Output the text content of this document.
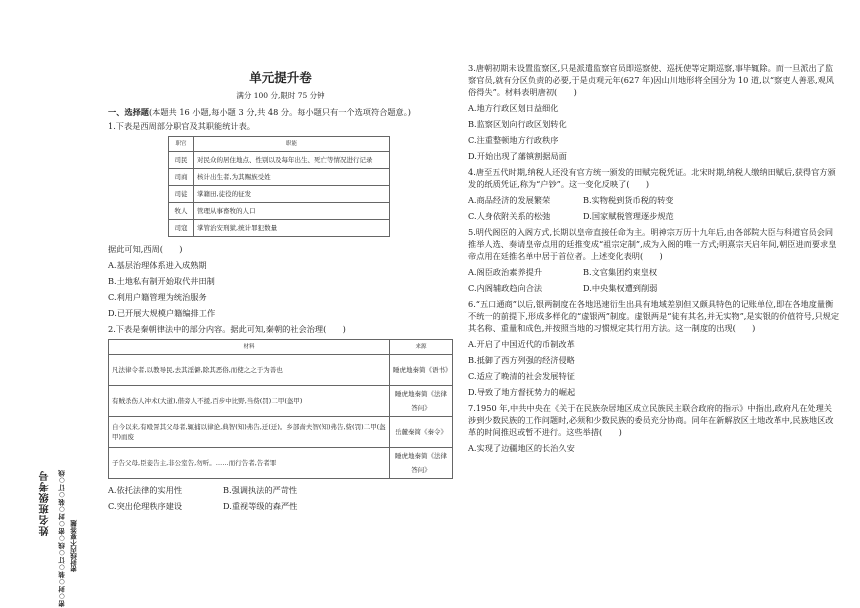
姓名班级考号	密○封○装○订○线○密○封○装○订○线 密封线内不要答题
单元提升卷
满分 100 分,限时 75 分钟
一、选择题(本题共 16 小题,每小题 3 分,共 48 分。每小题只有一个选项符合题意。)

1.下表是西周部分职官及其职能统计表。

职官	职能
司民	对民众的居住地点、性别以及每年出生、死亡等情况进行记录
司商	核计出生者,为其赐族受姓
司徒	掌籍田,徒役的征发
牧人	管理从事畜牧的人口
司寇	掌管治安刑狱,统计罪犯数量

据此可知,西周(　　)

A.基层治理体系进入成熟期
B.土地私有制开始取代井田制
C.利用户籍管理为统治服务
D.已开展大规模户籍编排工作

2.下表是秦朝律法中的部分内容。据此可知,秦朝的社会治理(　　)

材料	来源
凡法律令者,以教导民,去其淫僻,除其恶俗,而使之之于为善也	睡虎地秦简《语书》
有贼杀伤人冲术(大道),偕旁人不援,百步中比野,当赀(罚)二甲(盔甲)	睡虎地秦简《法律答问》
自今以来,有殴詈其父母者,辄捕以律论,典智(知)弗告,迁(迁)。乡部啬夫智(知)弗告,赀(罚)二甲(盔甲)而废	岳麓秦简《秦令》
子告父母,臣妾告主,非公室告,勿听。……而行告者,告者罪	睡虎地秦简《法律答问》
A.依托法律的实用性	B.强调执法的严苛性
C.突出伦理秩序建设	D.重视等级的森严性

3.唐朝初期未设置监察区,只是派遣监察官员即巡察使、巡抚使等定期巡察,事毕辄除。而一旦派出了监察官员,就有分区负责的必要,于是贞观元年(627 年)因山川地形将全国分为 10 道,以“察吏人善恶,观风俗得失”。材料表明唐初(　　)

A.地方行政区划日益细化
B.监察区划向行政区划转化
C.注重整顿地方行政秩序
D.开始出现了藩镇割据局面

4.唐至五代时期,纳税人还没有官方统一颁发的田赋完税凭证。北宋时期,纳税人缴纳田赋后,获得官方颁发的纸质凭证,称为“户钞”。这一变化反映了(　　)

A.商品经济的发展繁荣	B.实物税到货币税的转变
C.人身依附关系的松弛	D.国家赋税管理逐步规范

5.明代阁臣的入阁方式,长期以皇帝直接任命为主。明神宗万历十九年后,由各部院大臣与科道官员会同推举人选、奏请皇帝点用的廷推变成“祖宗定制”,成为入阁的唯一方式;明熹宗天启年间,朝臣进而要求皇帝点用在廷推名单中居于首位者。上述变化表明(　　)

A.阁臣政治素养提升	B.文官集团约束皇权
C.内阁辅政趋向合法	D.中央集权遭到削弱

6.“五口通商”以后,银两制度在各地迅速衍生出具有地域差别但又颇具特色的记账单位,即在各地度量衡不统一的前提下,形成多样化的“虚银两”制度。虚银两是“徒有其名,并无实物”,是实银的价值符号,只规定其名称、重量和成色,并按照当地的习惯规定其行用方法。这一制度的出现(　　)

A.开启了中国近代的币制改革
B.抵御了西方列强的经济侵略
C.适应了晚清的社会发展特征
D.导致了地方督抚势力的崛起

7.1950 年,中共中央在《关于在民族杂居地区成立民族民主联合政府的指示》中指出,政府凡在处理关涉到少数民族的工作问题时,必须和少数民族的委员充分协商。同年在新解放区土地改革中,民族地区改革的时间推迟或暂不进行。这些举措(　　)

A.实现了边疆地区的长治久安
